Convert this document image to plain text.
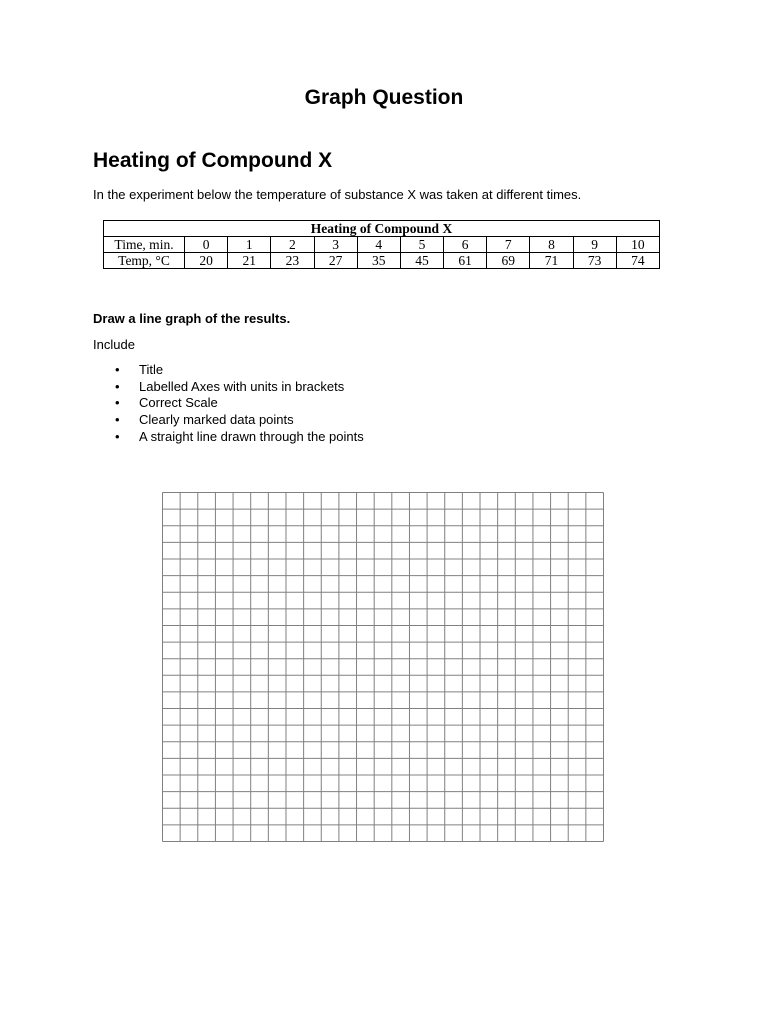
Graph Question
Heating of Compound X

In the experiment below the temperature of substance X was taken at different times.

Heating of Compound X											
Time, min.	0	1	2	3	4	5	6	7	8	9	10
Temp, °C	20	21	23	27	35	45	61	69	71	73	74

Draw a line graph of the results.

Include

• Title
• Labelled Axes with units in brackets
• Correct Scale
• Clearly marked data points
• A straight line drawn through the points
